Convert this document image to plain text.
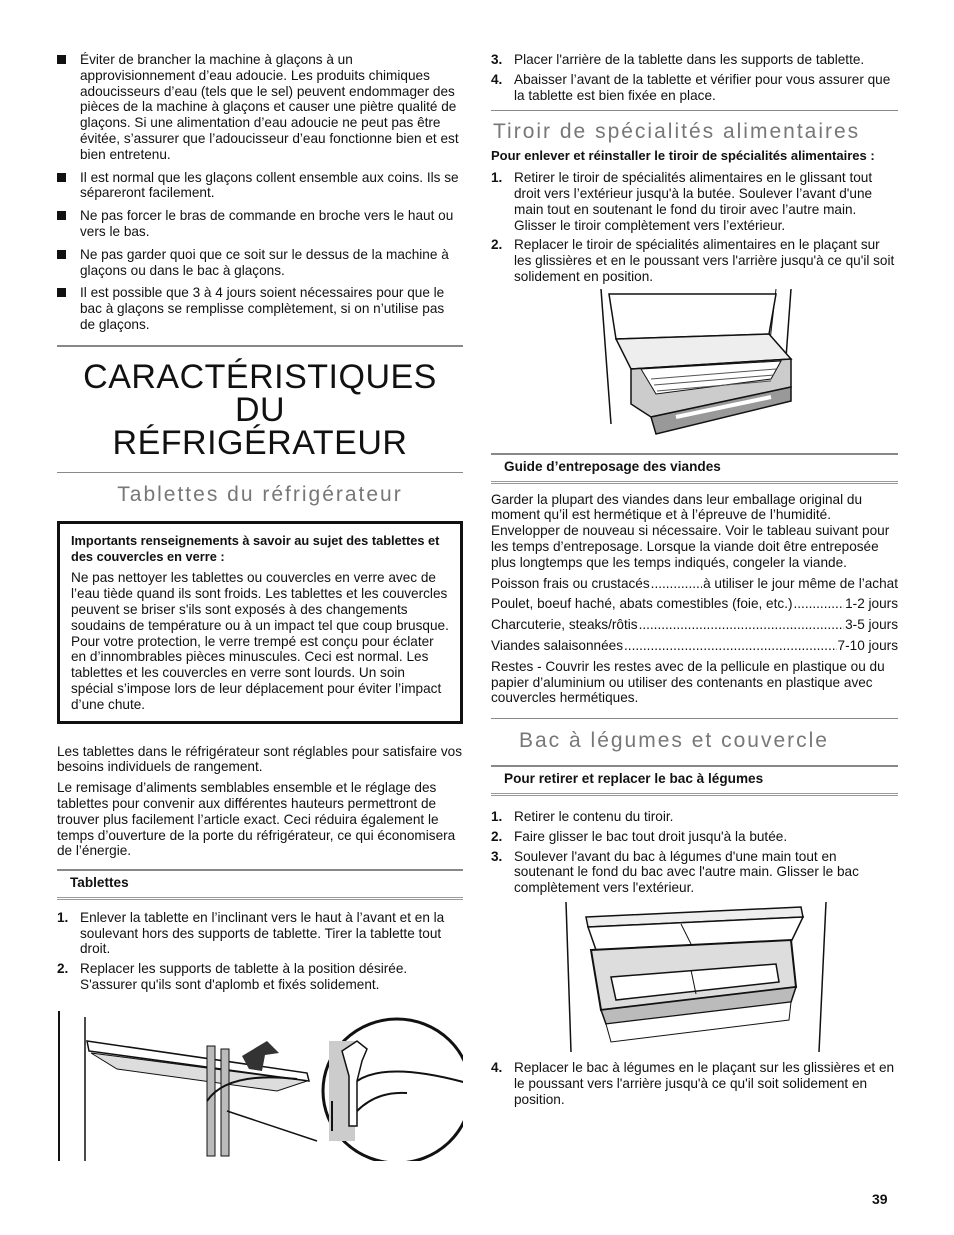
Éviter de brancher la machine à glaçons à un approvisionnement d’eau adoucie. Les produits chimiques adoucisseurs d’eau (tels que le sel) peuvent endommager des pièces de la machine à glaçons et causer une piètre qualité de glaçons. Si une alimentation d’eau adoucie ne peut pas être évitée, s’assurer que l’adoucisseur d’eau fonctionne bien et est bien entretenu.
Il est normal que les glaçons collent ensemble aux coins. Ils se sépareront facilement.
Ne pas forcer le bras de commande en broche vers le haut ou vers le bas.
Ne pas garder quoi que ce soit sur le dessus de la machine à glaçons ou dans le bac à glaçons.
Il est possible que 3 à 4 jours soient nécessaires pour que le bac à glaçons se remplisse complètement, si on n’utilise pas de glaçons.
CARACTÉRISTIQUES DU
RÉFRIGÉRATEUR
Tablettes du réfrigérateur
Importants renseignements à savoir au sujet des tablettes et des couvercles en verre :

Ne pas nettoyer les tablettes ou couvercles en verre avec de l’eau tiède quand ils sont froids. Les tablettes et les couvercles peuvent se briser s'ils sont exposés à des changements soudains de température ou à un impact tel que coup brusque. Pour votre protection, le verre trempé est conçu pour éclater en d’innombrables pièces minuscules. Ceci est normal. Les tablettes et les couvercles en verre sont lourds. Un soin spécial s’impose lors de leur déplacement pour éviter l’impact d’une chute.

Les tablettes dans le réfrigérateur sont réglables pour satisfaire vos besoins individuels de rangement.

Le remisage d’aliments semblables ensemble et le réglage des tablettes pour convenir aux différentes hauteurs permettront de trouver plus facilement l’article exact. Ceci réduira également le temps d’ouverture de la porte du réfrigérateur, ce qui économisera de l’énergie.

Tablettes
1. Enlever la tablette en l’inclinant vers le haut à l’avant et en la soulevant hors des supports de tablette. Tirer la tablette tout droit.
2. Replacer les supports de tablette à la position désirée. S'assurer qu'ils sont d'aplomb et fixés solidement.
3. Placer l'arrière de la tablette dans les supports de tablette.
4. Abaisser l’avant de la tablette et vérifier pour vous assurer que la tablette est bien fixée en place.
Tiroir de spécialités alimentaires
Pour enlever et réinstaller le tiroir de spécialités alimentaires :
1. Retirer le tiroir de spécialités alimentaires en le glissant tout droit vers l’extérieur jusqu'à la butée. Soulever l’avant d'une main tout en soutenant le fond du tiroir avec l’autre main. Glisser le tiroir complètement vers l’extérieur.
2. Replacer le tiroir de spécialités alimentaires en le plaçant sur les glissières et en le poussant vers l'arrière jusqu'à ce qu'il soit solidement en position.
Guide d’entreposage des viandes

Garder la plupart des viandes dans leur emballage original du moment qu’il est hermétique et à l’épreuve de l’humidité. Envelopper de nouveau si nécessaire. Voir le tableau suivant pour les temps d’entreposage. Lorsque la viande doit être entreposée plus longtemps que les temps indiqués, congeler la viande.

Poisson frais ou crustacés .....	à utiliser le jour même de l’achat
Poulet, boeuf haché, abats comestibles (foie, etc.) .....	1-2 jours
Charcuterie, steaks/rôtis .....	3-5 jours
Viandes salaisonnées .....	7-10 jours

Restes - Couvrir les restes avec de la pellicule en plastique ou du papier d’aluminium ou utiliser des contenants en plastique avec couvercles hermétiques.

Bac à légumes et couvercle
Pour retirer et replacer le bac à légumes
1. Retirer le contenu du tiroir.
2. Faire glisser le bac tout droit jusqu'à la butée.
3. Soulever l'avant du bac à légumes d'une main tout en soutenant le fond du bac avec l'autre main. Glisser le bac complètement vers l'extérieur.
4. Replacer le bac à légumes en le plaçant sur les glissières et en le poussant vers l'arrière jusqu'à ce qu'il soit solidement en position.
39
